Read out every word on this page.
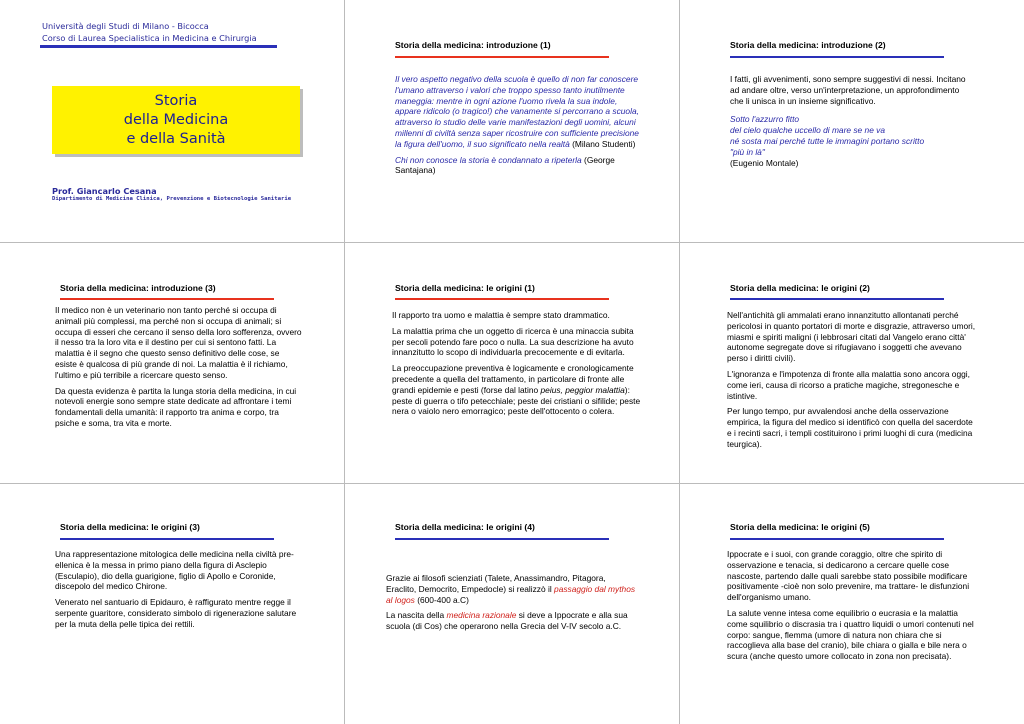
Università degli Studi di Milano - Bicocca
Corso di Laurea Specialistica in Medicina e Chirurgia
Storia
della Medicina
e della Sanità
Prof. Giancarlo Cesana
Dipartimento di Medicina Clinica, Prevenzione e Biotecnologie Sanitarie
Storia della medicina: introduzione (1)

Il vero aspetto negativo della scuola è quello di non far conoscere l'umano attraverso i valori che troppo spesso tanto inutilmente maneggia: mentre in ogni azione l'uomo rivela la sua indole, appare ridicolo (o tragico!) che vanamente si percorrano a scuola, attraverso lo studio delle varie manifestazioni degli uomini, alcuni millenni di civiltà senza saper ricostruire con sufficiente precisione la figura dell'uomo, il suo significato nella realtà (Milano Studenti)

Chi non conosce la storia è condannato a ripeterla (George Santajana)

Storia della medicina: introduzione (2)

I fatti, gli avvenimenti, sono sempre suggestivi di nessi. Incitano ad andare oltre, verso un'interpretazione, un approfondimento che li unisca in un insieme significativo.

Sotto l'azzurro fitto
del cielo qualche uccello di mare se ne va
né sosta mai perché tutte le immagini portano scritto
"più in là"
(Eugenio Montale)
Storia della medicina: introduzione (3)

Il medico non è un veterinario non tanto perché si occupa di animali più complessi, ma perché non si occupa di animali; si occupa di esseri che cercano il senso della loro sofferenza, ovvero il nesso tra la loro vita e il destino per cui si sentono fatti. La malattia è il segno che questo senso definitivo delle cose, se esiste è qualcosa di più grande di noi. La malattia è il richiamo, l'ultimo e più terribile a ricercare questo senso.

Da questa evidenza è partita la lunga storia della medicina, in cui notevoli energie sono sempre state dedicate ad affrontare i temi fondamentali della umanità: il rapporto tra anima e corpo, tra psiche e soma, tra vita e morte.

Storia della medicina: le origini (1)

Il rapporto tra uomo e malattia è sempre stato drammatico.

La malattia prima che un oggetto di ricerca è una minaccia subita per secoli potendo fare poco o nulla. La sua descrizione ha avuto innanzitutto lo scopo di individuarla precocemente e di evitarla.

La preoccupazione preventiva è logicamente e cronologicamente precedente a quella del trattamento, in particolare di fronte alle grandi epidemie e pesti (forse dal latino peius, peggior malattia): peste di guerra o tifo petecchiale; peste dei cristiani o sifilide; peste nera o vaiolo nero emorragico; peste dell'ottocento o colera.

Storia della medicina: le origini (2)

Nell'antichità gli ammalati erano innanzitutto allontanati perché pericolosi in quanto portatori di morte e disgrazie, attraverso umori, miasmi e spiriti maligni (i lebbrosari citati dal Vangelo erano città' autonome segregate dove si rifugiavano i soggetti che avevano perso i diritti civili).

L'ignoranza e l'impotenza di fronte alla malattia sono ancora oggi, come ieri, causa di ricorso a pratiche magiche, stregonesche e istintive.

Per lungo tempo, pur avvalendosi anche della osservazione empirica, la figura del medico si identificò con quella del sacerdote e i recinti sacri, i templi costituirono i primi luoghi di cura (medicina teurgica).

Storia della medicina: le origini (3)

Una rappresentazione mitologica delle medicina nella civiltà pre-ellenica è la messa in primo piano della figura di Asclepio (Esculapio), dio della guarigione, figlio di Apollo e Coronide, discepolo del medico Chirone.

Venerato nel santuario di Epidauro, è raffigurato mentre regge il serpente guaritore, considerato simbolo di rigenerazione salutare per la muta della pelle tipica dei rettili.

Storia della medicina: le origini (4)

Grazie ai filosofi scienziati (Talete, Anassimandro, Pitagora, Eraclito, Democrito, Empedocle) si realizzò il passaggio dal mythos al logos (600-400 a.C)

La nascita della medicina razionale si deve a Ippocrate e alla sua scuola (di Cos) che operarono nella Grecia del V-IV secolo a.C.

Storia della medicina: le origini (5)

Ippocrate e i suoi, con grande coraggio, oltre che spirito di osservazione e tenacia, si dedicarono a cercare quelle cose nascoste, partendo dalle quali sarebbe stato possibile modificare positivamente -cioè non solo prevenire, ma trattare- le disfunzioni dell'organismo umano.

La salute venne intesa come equilibrio o eucrasia e la malattia come squilibrio o discrasia tra i quattro liquidi o umori contenuti nel corpo: sangue, flemma (umore di natura non chiara che si raccoglieva alla base del cranio), bile chiara o gialla e bile nera o scura (anche questo umore collocato in zona non precisata).
